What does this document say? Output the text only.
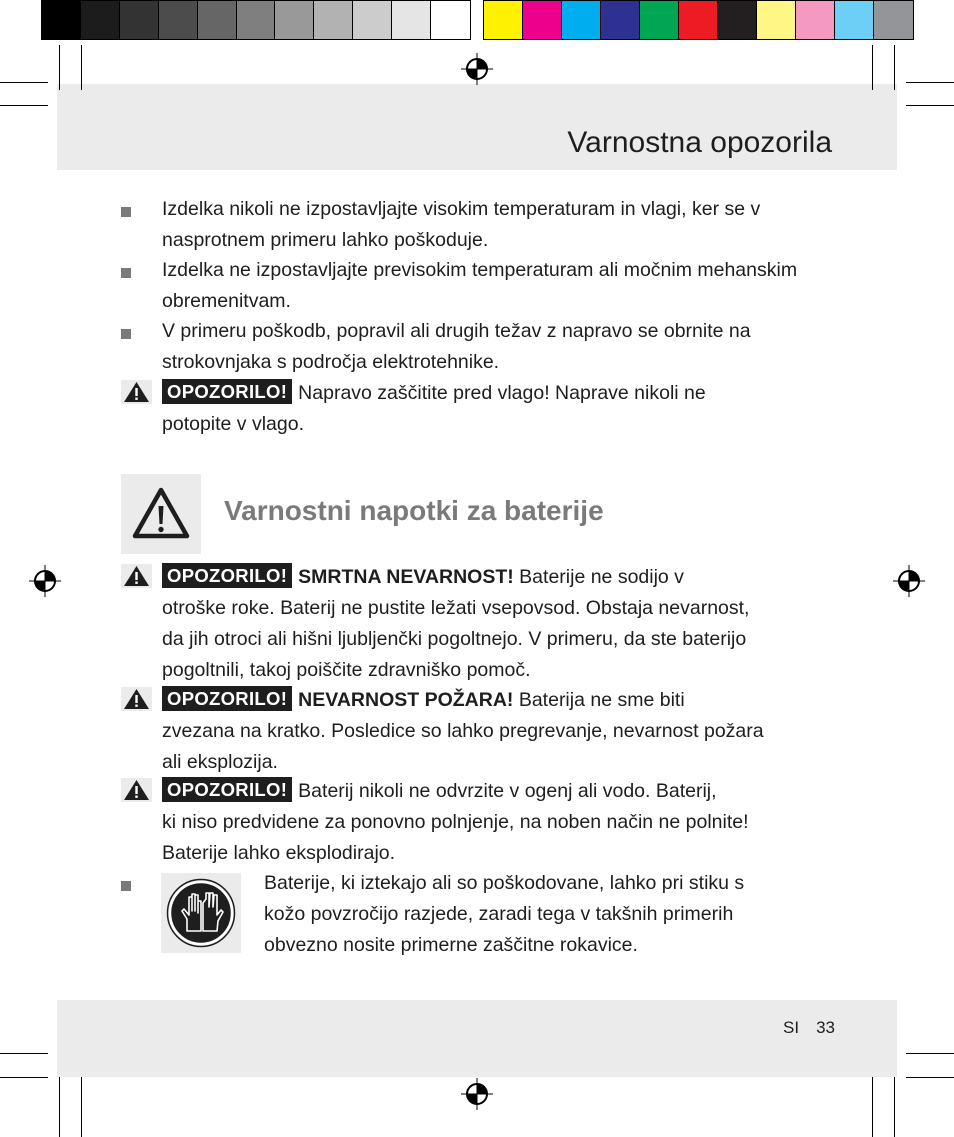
Varnostna opozorila
Izdelka nikoli ne izpostavljajte visokim temperaturam in vlagi, ker se v
nasprotnem primeru lahko poškoduje.
Izdelka ne izpostavljajte previsokim temperaturam ali močnim mehanskim
obremenitvam.
V primeru poškodb, popravil ali drugih težav z napravo se obrnite na
strokovnjaka s področja elektrotehnike.
OPOZORILO! Napravo zaščitite pred vlago! Naprave nikoli ne
potopite v vlago.
Varnostni napotki za baterije
OPOZORILO! SMRTNA NEVARNOST! Baterije ne sodijo v
otroške roke. Baterij ne pustite ležati vsepovsod. Obstaja nevarnost,
da jih otroci ali hišni ljubljenčki pogoltnejo. V primeru, da ste baterijo
pogoltnili, takoj poiščite zdravniško pomoč.
OPOZORILO! NEVARNOST POŽARA! Baterija ne sme biti
zvezana na kratko. Posledice so lahko pregrevanje, nevarnost požara
ali eksplozija.
OPOZORILO! Baterij nikoli ne odvrzite v ogenj ali vodo. Baterij,
ki niso predvidene za ponovno polnjenje, na noben način ne polnite!
Baterije lahko eksplodirajo.
Baterije, ki iztekajo ali so poškodovane, lahko pri stiku s
kožo povzročijo razjede, zaradi tega v takšnih primerih
obvezno nosite primerne zaščitne rokavice.
SI 33
